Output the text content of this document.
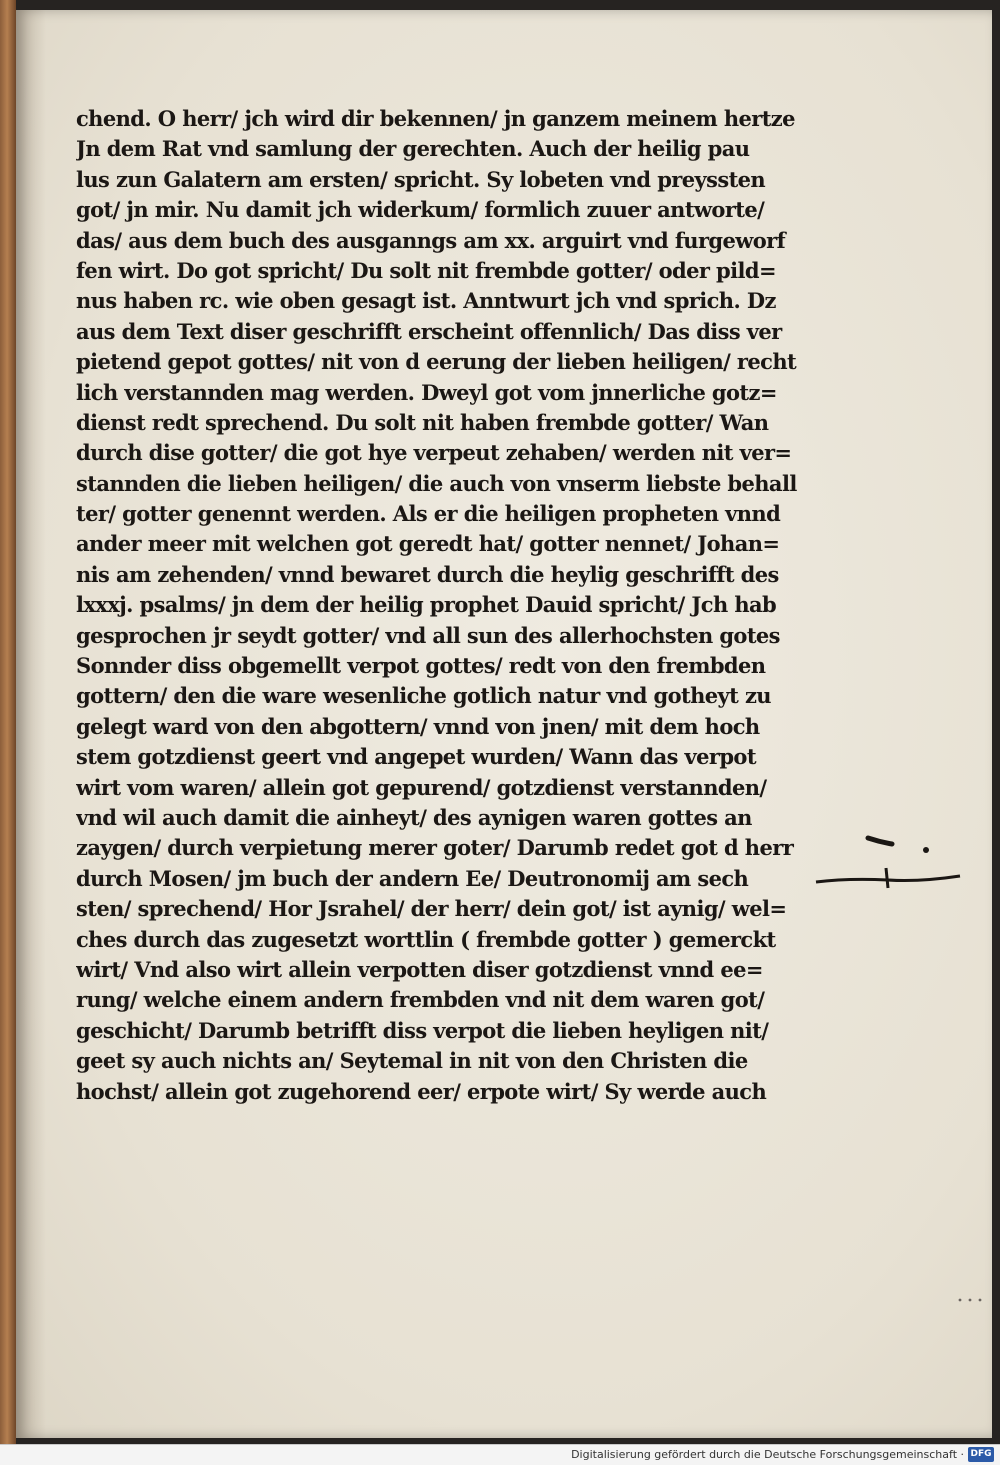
chend. O herr/ jch wird dir bekennen/ jn ganzem meinem hertze
Jn dem Rat vnd samlung der gerechten. Auch der heilig pau
lus zun Galatern am ersten/ spricht. Sy lobeten vnd preyssten
got/ jn mir. Nu damit jch widerkum/ formlich zuuer antworte/
das/ aus dem buch des ausganngs am xx. arguirt vnd furgeworf
fen wirt. Do got spricht/ Du solt nit frembde gotter/ oder pild=
nus haben rc. wie oben gesagt ist. Anntwurt jch vnd sprich. Dz
aus dem Text diser geschrifft erscheint offennlich/ Das diss ver
pietend gepot gottes/ nit von d eerung der lieben heiligen/ recht
lich verstannden mag werden. Dweyl got vom jnnerliche gotz=
dienst redt sprechend. Du solt nit haben frembde gotter/ Wan
durch dise gotter/ die got hye verpeut zehaben/ werden nit ver=
stannden die lieben heiligen/ die auch von vnserm liebste behall
ter/ gotter genennt werden. Als er die heiligen propheten vnnd
ander meer mit welchen got geredt hat/ gotter nennet/ Johan=
nis am zehenden/ vnnd bewaret durch die heylig geschrifft des
lxxxj. psalms/ jn dem der heilig prophet Dauid spricht/ Jch hab
gesprochen jr seydt gotter/ vnd all sun des allerhochsten gotes
Sonnder diss obgemellt verpot gottes/ redt von den frembden
gottern/ den die ware wesenliche gotlich natur vnd gotheyt zu
gelegt ward von den abgottern/ vnnd von jnen/ mit dem hoch
stem gotzdienst geert vnd angepet wurden/ Wann das verpot
wirt vom waren/ allein got gepurend/ gotzdienst verstannden/
vnd wil auch damit die ainheyt/ des aynigen waren gottes an
zaygen/ durch verpietung merer goter/ Darumb redet got d herr
durch Mosen/ jm buch der andern Ee/ Deutronomij am sech
sten/ sprechend/ Hor Jsrahel/ der herr/ dein got/ ist aynig/ wel=
ches durch das zugesetzt worttlin ( frembde gotter ) gemerckt
wirt/ Vnd also wirt allein verpotten diser gotzdienst vnnd ee=
rung/ welche einem andern frembden vnd nit dem waren got/
geschicht/ Darumb betrifft diss verpot die lieben heyligen nit/
geet sy auch nichts an/ Seytemal in nit von den Christen die
hochst/ allein got zugehorend eer/ erpote wirt/ Sy werde auch
Digitalisierung gefördert durch die Deutsche Forschungsgemeinschaft · DFG
